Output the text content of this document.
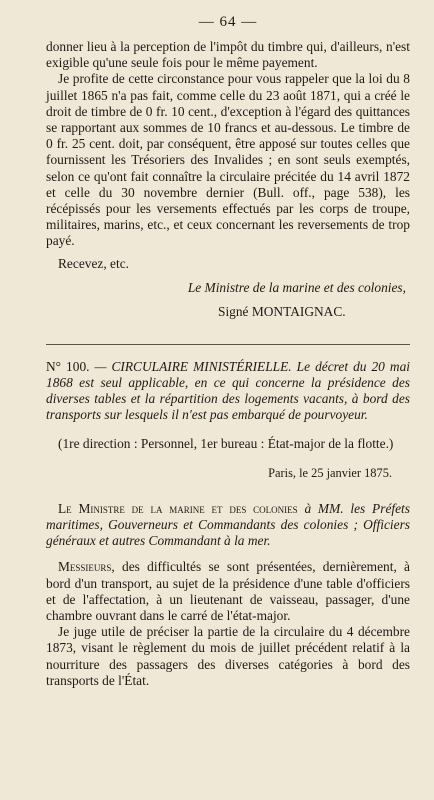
— 64 —

donner lieu à la perception de l'impôt du timbre qui, d'ailleurs, n'est exigible qu'une seule fois pour le même payement.

Je profite de cette circonstance pour vous rappeler que la loi du 8 juillet 1865 n'a pas fait, comme celle du 23 août 1871, qui a créé le droit de timbre de 0 fr. 10 cent., d'exception à l'égard des quittances se rapportant aux sommes de 10 francs et au-dessous. Le timbre de 0 fr. 25 cent. doit, par conséquent, être apposé sur toutes celles que fournissent les Trésoriers des Invalides ; en sont seuls exemptés, selon ce qu'ont fait connaître la circulaire précitée du 14 avril 1872 et celle du 30 novembre dernier (Bull. off., page 538), les récépissés pour les versements effectués par les corps de troupe, militaires, marins, etc., et ceux concernant les reversements de trop payé.

Recevez, etc.

Le Ministre de la marine et des colonies,
Signé MONTAIGNAC.

N° 100. — CIRCULAIRE MINISTÉRIELLE. Le décret du 20 mai 1868 est seul applicable, en ce qui concerne la présidence des diverses tables et la répartition des logements vacants, à bord des transports sur lesquels il n'est pas embarqué de pourvoyeur.

(1re direction : Personnel, 1er bureau : État-major de la flotte.)

Paris, le 25 janvier 1875.

Le Ministre de la marine et des colonies à MM. les Préfets maritimes, Gouverneurs et Commandants des colonies ; Officiers généraux et autres Commandant à la mer.

Messieurs, des difficultés se sont présentées, dernièrement, à bord d'un transport, au sujet de la présidence d'une table d'officiers et de l'affectation, à un lieutenant de vaisseau, passager, d'une chambre ouvrant dans le carré de l'état-major.

Je juge utile de préciser la partie de la circulaire du 4 décembre 1873, visant le règlement du mois de juillet précédent relatif à la nourriture des passagers des diverses catégories à bord des transports de l'État.
